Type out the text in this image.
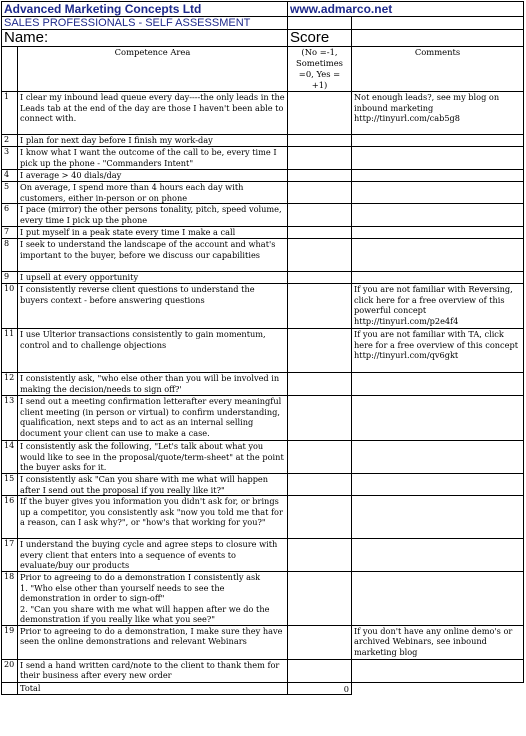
Advanced Marketing Concepts Ltd		www.admarco.net	
SALES PROFESSIONALS - SELF ASSESSMENT			
Name:		Score	
	Competence Area	(No =-1, Sometimes =0, Yes = +1)	Comments
1	I clear my inbound lead queue every day----the only leads in the Leads tab at the end of the day are those I haven't been able to connect with.		Not enough leads?, see my blog on inbound marketing http://tinyurl.com/cab5g8
2	I plan for next day before I finish my work-day		
3	I know what I want the outcome of the call to be, every time I pick up the phone - "Commanders Intent"		
4	I average > 40 dials/day		
5	On average, I spend more than 4 hours each day with customers, either in-person or on phone		
6	I pace (mirror) the other persons tonality, pitch, speed volume, every time I pick up the phone		
7	I put myself in a peak state every time I make a call		
8	I seek to understand the landscape of the account and what's important to the buyer, before we discuss our capabilities		
9	I upsell at every opportunity		
10	I consistently reverse client questions to understand the buyers context - before answering questions		If you are not familiar with Reversing, click here for a free overview of this powerful concept http://tinyurl.com/p2e4f4
11	I use Ulterior transactions consistently to gain momentum, control and to challenge objections		If you are not familiar with TA, click here for a free overview of this concept http://tinyurl.com/qv6gkt
12	I consistently ask, "who else other than you will be involved in making the decision/needs to sign off?'		
13	I send out a meeting confirmation letterafter every meaningful client meeting (in person or virtual) to confirm understanding, qualification, next steps and to act as an internal selling document your client can use to make a case.		
14	I consistently ask the following, "Let's talk about what you would like to see in the proposal/quote/term-sheet" at the point the buyer asks for it.		
15	I consistently ask "Can you share with me what will happen after I send out the proposal if you really like it?"		
16	If the buyer gives you information you didn't ask for, or brings up a competitor, you consistently ask "now you told me that for a reason, can I ask why?", or "how's that working for you?"		
17	I understand the buying cycle and agree steps to closure with every client that enters into a sequence of events to evaluate/buy our products		
18	Prior to agreeing to do a demonstration I consistently ask
1. "Who else other than yourself needs to see the demonstration in order to sign-off"
2. "Can you share with me what will happen after we do the demonstration if you really like what you see?"		
19	Prior to agreeing to do a demonstration, I make sure they have seen the online demonstrations and relevant Webinars		If you don't have any online demo's or archived Webinars, see inbound marketing blog
20	I send a hand written card/note to the client to thank them for their business after every new order		
	Total	0	
